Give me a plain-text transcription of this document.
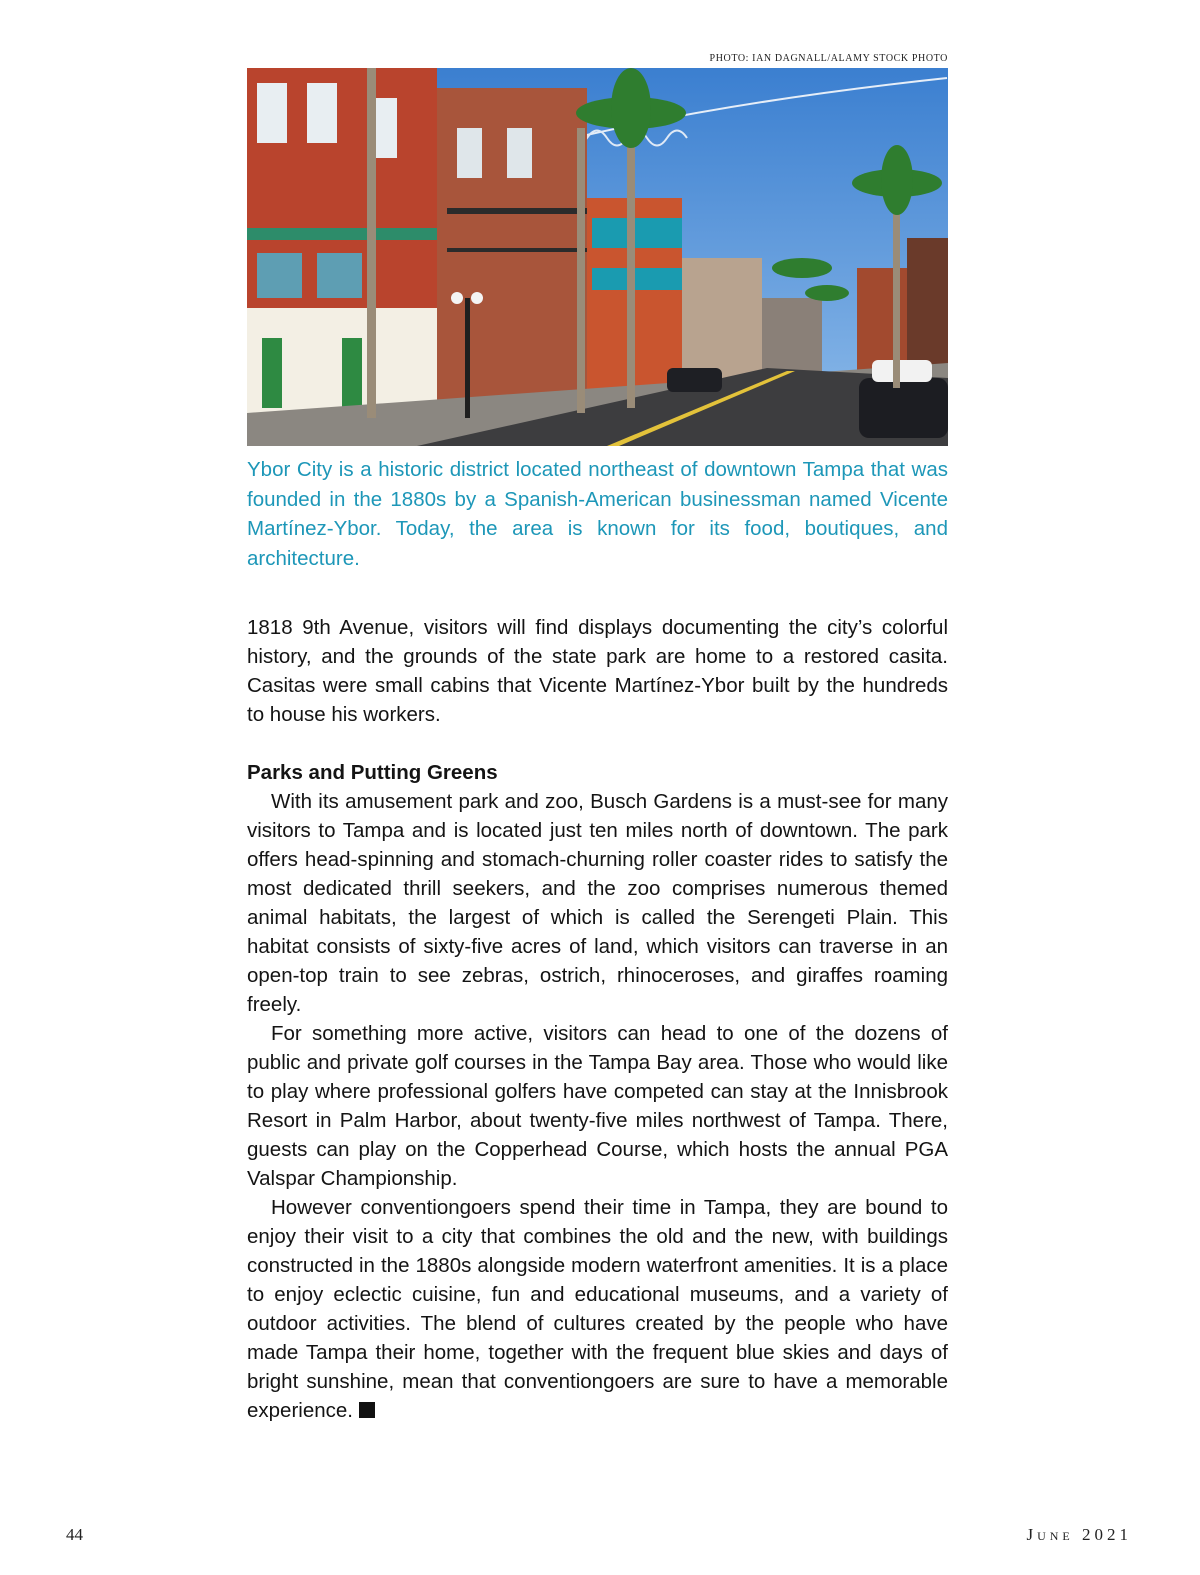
PHOTO: IAN DAGNALL/ALAMY STOCK PHOTO
Ybor City is a historic district located northeast of downtown Tampa that was founded in the 1880s by a Spanish-American businessman named Vicente Martínez-Ybor. Today, the area is known for its food, boutiques, and architecture.

1818 9th Avenue, visitors will find displays documenting the city’s colorful history, and the grounds of the state park are home to a restored casita. Casitas were small cabins that Vicente Martínez-Ybor built by the hundreds to house his workers.

Parks and Putting Greens

With its amusement park and zoo, Busch Gardens is a must-see for many visitors to Tampa and is located just ten miles north of downtown. The park offers head-spinning and stomach-churning roller coaster rides to satisfy the most dedicated thrill seekers, and the zoo comprises numerous themed animal habitats, the largest of which is called the Serengeti Plain. This habitat consists of sixty-five acres of land, which visitors can traverse in an open-top train to see zebras, ostrich, rhinoceroses, and giraffes roaming freely.

For something more active, visitors can head to one of the dozens of public and private golf courses in the Tampa Bay area. Those who would like to play where professional golfers have competed can stay at the Innisbrook Resort in Palm Harbor, about twenty-five miles northwest of Tampa. There, guests can play on the Copperhead Course, which hosts the annual PGA Valspar Championship.

However conventiongoers spend their time in Tampa, they are bound to enjoy their visit to a city that combines the old and the new, with buildings constructed in the 1880s alongside modern waterfront amenities. It is a place to enjoy eclectic cuisine, fun and educational museums, and a variety of outdoor activities. The blend of cultures created by the people who have made Tampa their home, together with the frequent blue skies and days of bright sunshine, mean that conventiongoers are sure to have a memorable experience.

44	June 2021
